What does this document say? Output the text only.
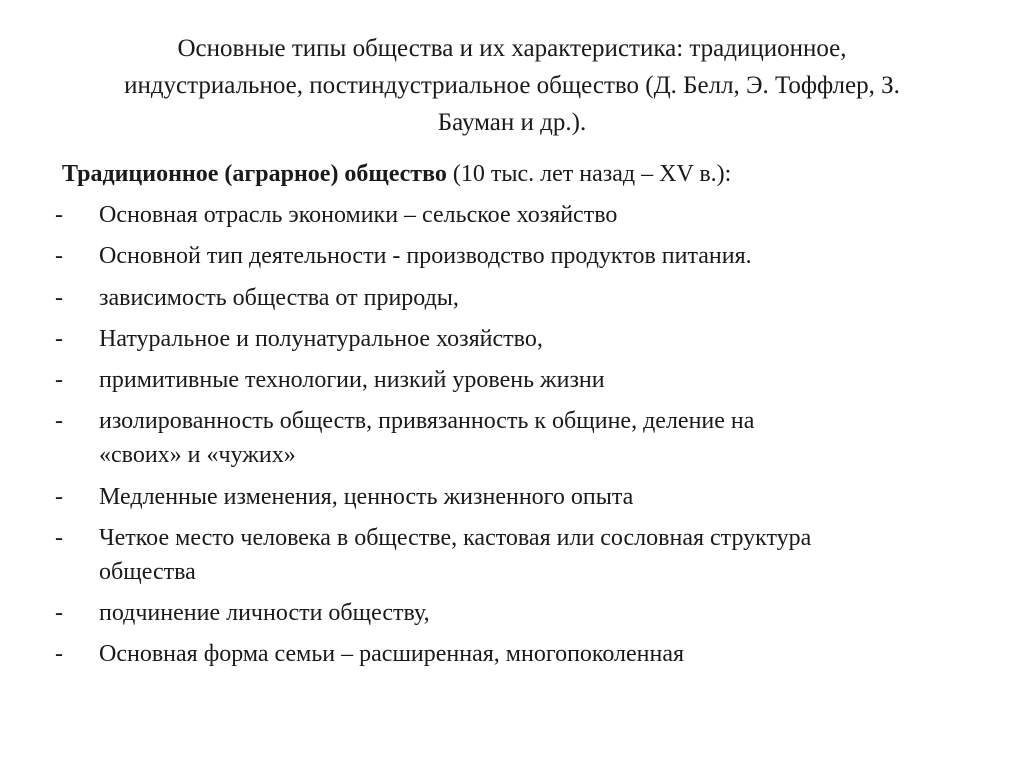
Основные типы общества и их характеристика: традиционное,
индустриальное, постиндустриальное общество (Д. Белл, Э. Тоффлер, З.
Бауман и др.).
Традиционное (аграрное) общество (10 тыс. лет назад – XV в.):
-	Основная отрасль экономики – сельское хозяйство
-	Основной тип деятельности - производство продуктов питания.
-	зависимость общества от природы,
-	Натуральное и полунатуральное хозяйство,
-	примитивные технологии, низкий уровень жизни
-	изолированность обществ, привязанность к общине, деление на
«своих» и «чужих»
-	Медленные изменения, ценность жизненного опыта
-	Четкое место человека в обществе, кастовая или сословная структура
общества
-	подчинение личности обществу,
-	Основная форма семьи – расширенная, многопоколенная
